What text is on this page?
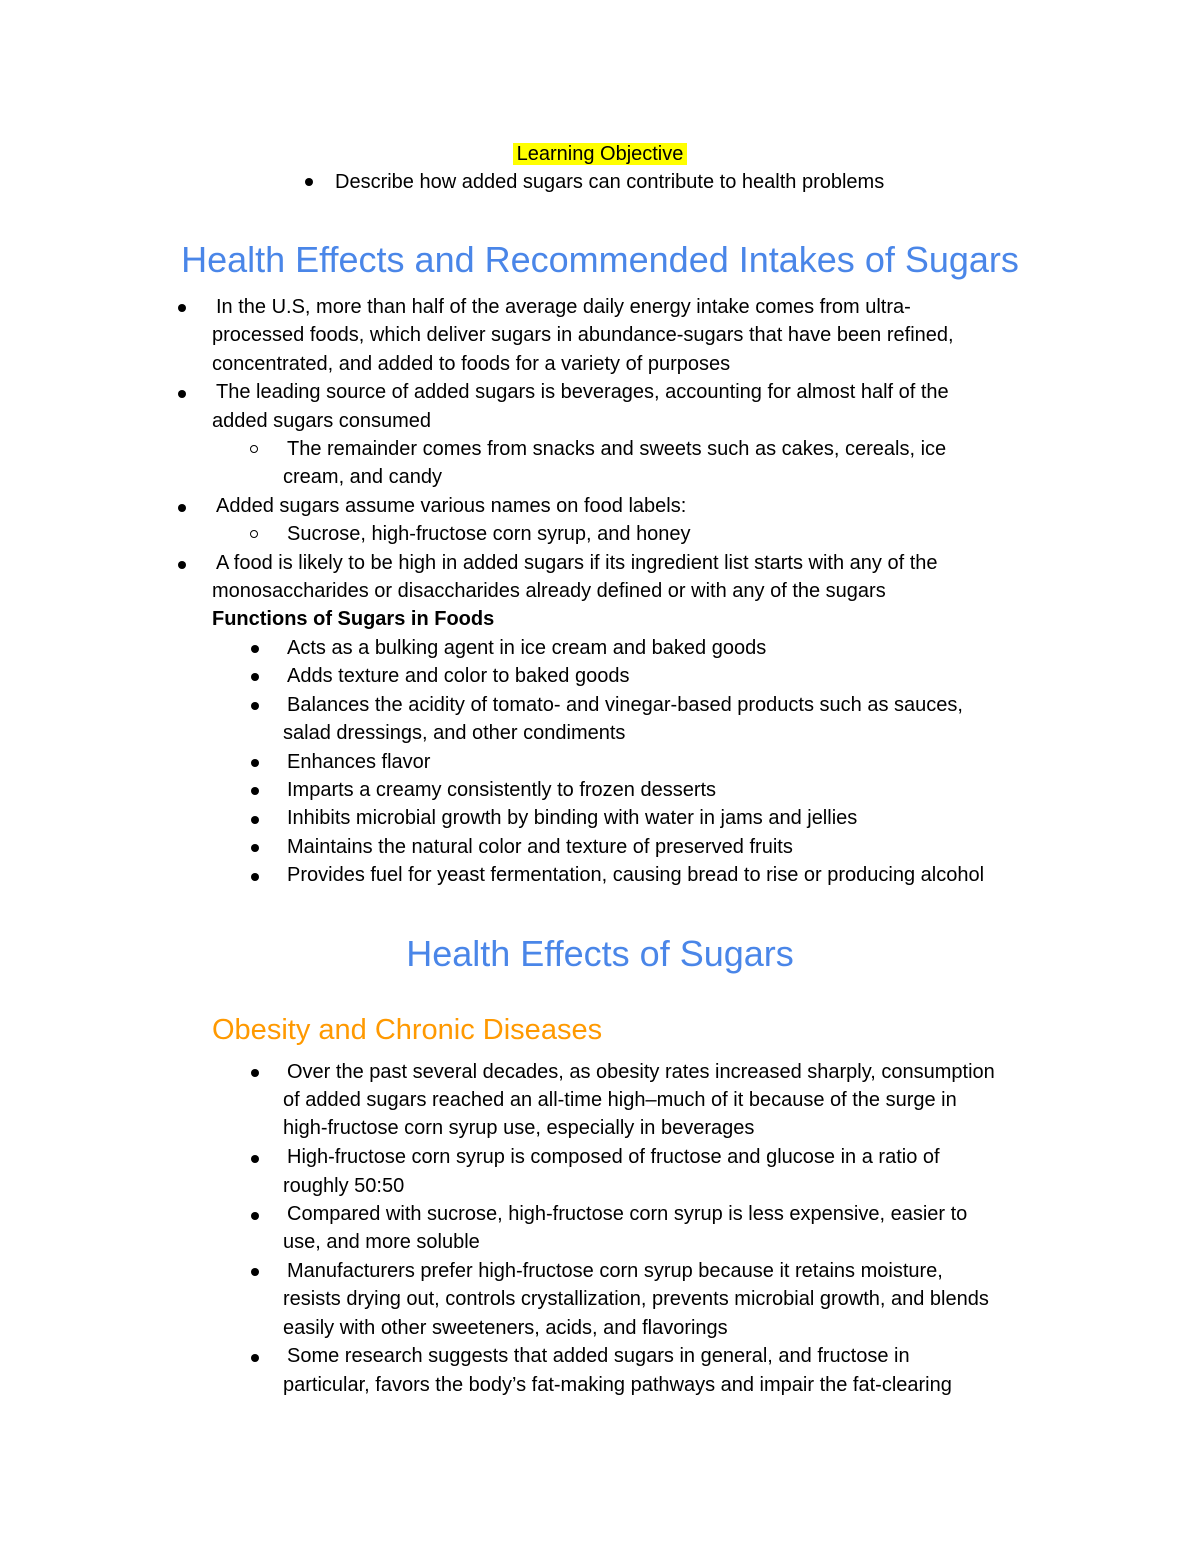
Learning Objective
Describe how added sugars can contribute to health problems
Health Effects and Recommended Intakes of Sugars
In the U.S, more than half of the average daily energy intake comes from ultra-
processed foods, which deliver sugars in abundance-sugars that have been refined,
concentrated, and added to foods for a variety of purposes
The leading source of added sugars is beverages, accounting for almost half of the
added sugars consumed
The remainder comes from snacks and sweets such as cakes, cereals, ice
cream, and candy
Added sugars assume various names on food labels:
Sucrose, high-fructose corn syrup, and honey
A food is likely to be high in added sugars if its ingredient list starts with any of the
monosaccharides or disaccharides already defined or with any of the sugars
Functions of Sugars in Foods
Acts as a bulking agent in ice cream and baked goods
Adds texture and color to baked goods
Balances the acidity of tomato- and vinegar-based products such as sauces,
salad dressings, and other condiments
Enhances flavor
Imparts a creamy consistently to frozen desserts
Inhibits microbial growth by binding with water in jams and jellies
Maintains the natural color and texture of preserved fruits
Provides fuel for yeast fermentation, causing bread to rise or producing alcohol
Health Effects of Sugars
Obesity and Chronic Diseases
Over the past several decades, as obesity rates increased sharply, consumption
of added sugars reached an all-time high–much of it because of the surge in
high-fructose corn syrup use, especially in beverages
High-fructose corn syrup is composed of fructose and glucose in a ratio of
roughly 50:50
Compared with sucrose, high-fructose corn syrup is less expensive, easier to
use, and more soluble
Manufacturers prefer high-fructose corn syrup because it retains moisture,
resists drying out, controls crystallization, prevents microbial growth, and blends
easily with other sweeteners, acids, and flavorings
Some research suggests that added sugars in general, and fructose in
particular, favors the body’s fat-making pathways and impair the fat-clearing
